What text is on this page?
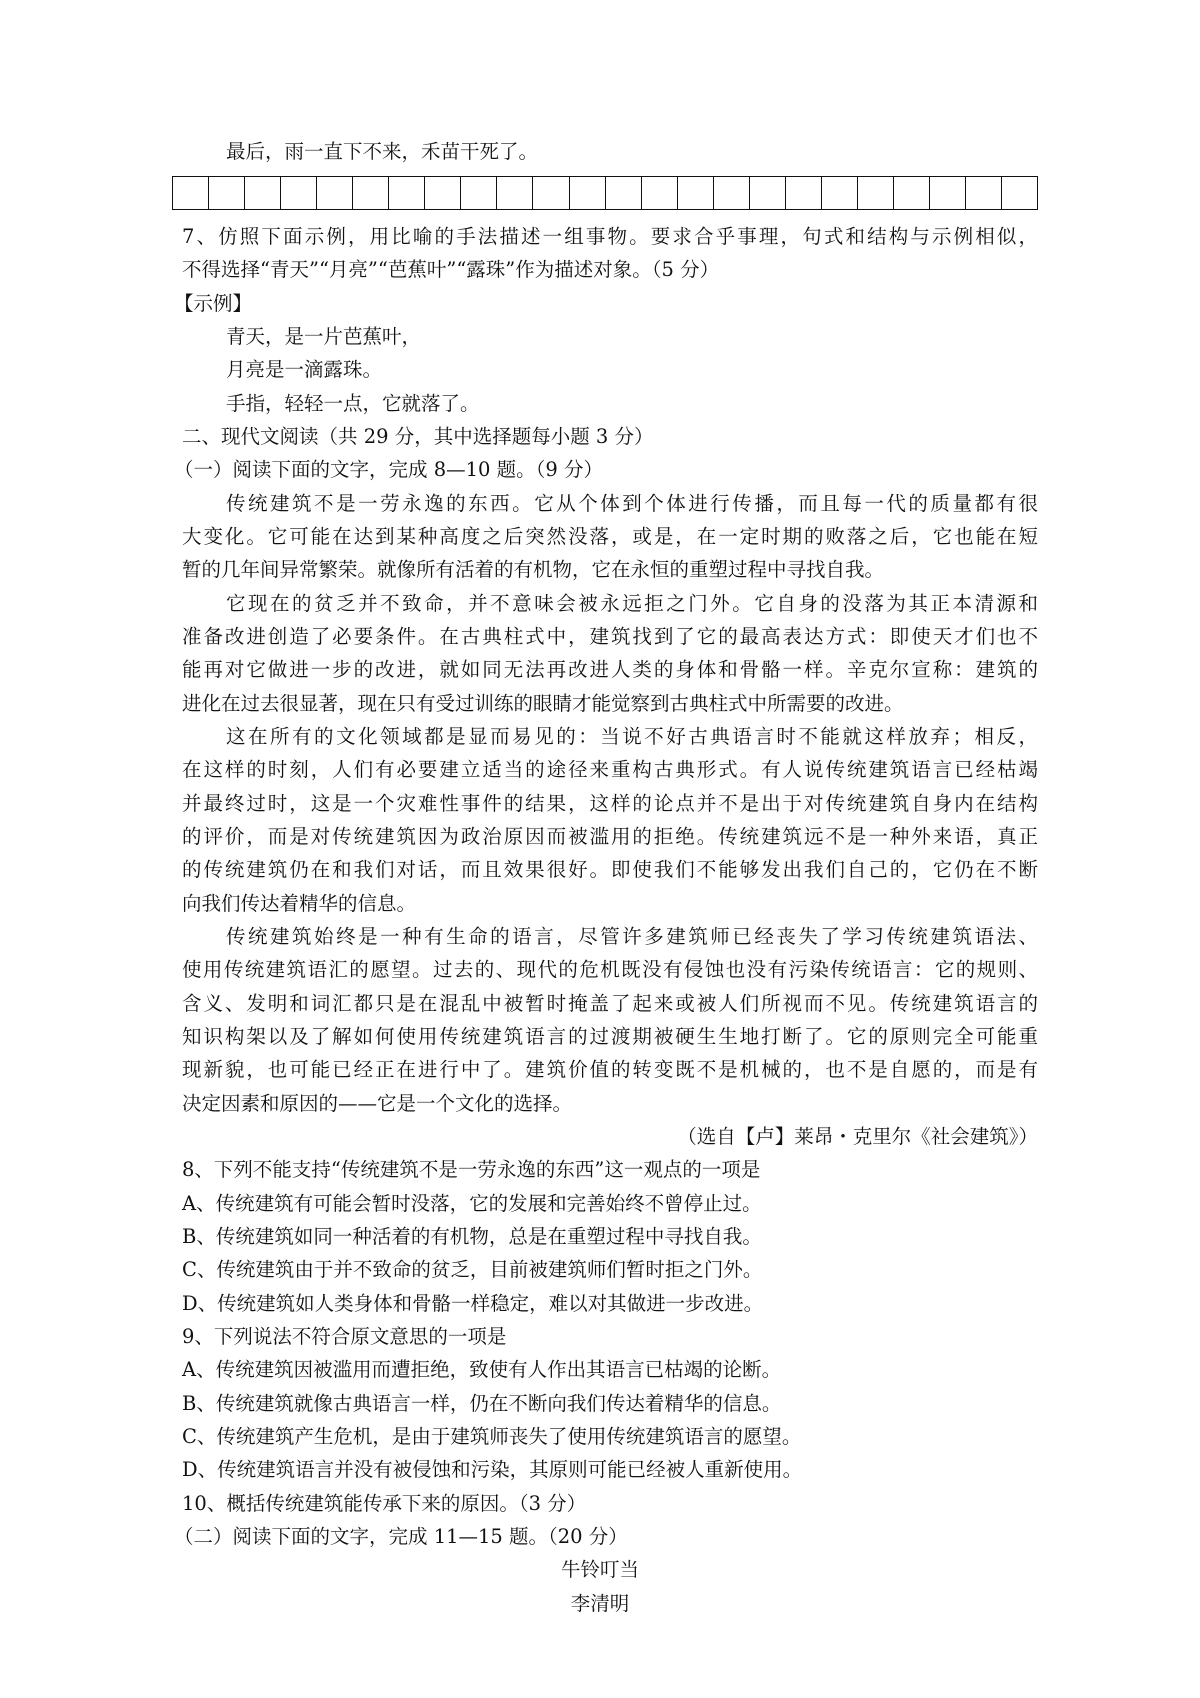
最后，雨一直下不来，禾苗干死了。
7、仿照下面示例，用比喻的手法描述一组事物。要求合乎事理，句式和结构与示例相似，
不得选择“青天”“月亮”“芭蕉叶”“露珠”作为描述对象。（5 分）
【示例】
青天，是一片芭蕉叶，
月亮是一滴露珠。
手指，轻轻一点，它就落了。
二、现代文阅读（共 29 分，其中选择题每小题 3 分）
（一）阅读下面的文字，完成 8—10 题。（9 分）
传统建筑不是一劳永逸的东西。它从个体到个体进行传播，而且每一代的质量都有很
大变化。它可能在达到某种高度之后突然没落，或是，在一定时期的败落之后，它也能在短
暂的几年间异常繁荣。就像所有活着的有机物，它在永恒的重塑过程中寻找自我。
它现在的贫乏并不致命，并不意味会被永远拒之门外。它自身的没落为其正本清源和
准备改进创造了必要条件。在古典柱式中，建筑找到了它的最高表达方式：即使天才们也不
能再对它做进一步的改进，就如同无法再改进人类的身体和骨骼一样。辛克尔宣称：建筑的
进化在过去很显著，现在只有受过训练的眼睛才能觉察到古典柱式中所需要的改进。
这在所有的文化领域都是显而易见的：当说不好古典语言时不能就这样放弃；相反，
在这样的时刻，人们有必要建立适当的途径来重构古典形式。有人说传统建筑语言已经枯竭
并最终过时，这是一个灾难性事件的结果，这样的论点并不是出于对传统建筑自身内在结构
的评价，而是对传统建筑因为政治原因而被滥用的拒绝。传统建筑远不是一种外来语，真正
的传统建筑仍在和我们对话，而且效果很好。即使我们不能够发出我们自己的，它仍在不断
向我们传达着精华的信息。
传统建筑始终是一种有生命的语言，尽管许多建筑师已经丧失了学习传统建筑语法、
使用传统建筑语汇的愿望。过去的、现代的危机既没有侵蚀也没有污染传统语言：它的规则、
含义、发明和词汇都只是在混乱中被暂时掩盖了起来或被人们所视而不见。传统建筑语言的
知识构架以及了解如何使用传统建筑语言的过渡期被硬生生地打断了。它的原则完全可能重
现新貌，也可能已经正在进行中了。建筑价值的转变既不是机械的，也不是自愿的，而是有
决定因素和原因的——它是一个文化的选择。
（选自【卢】莱昂・克里尔《社会建筑》）
8、下列不能支持“传统建筑不是一劳永逸的东西”这一观点的一项是
A、传统建筑有可能会暂时没落，它的发展和完善始终不曾停止过。
B、传统建筑如同一种活着的有机物，总是在重塑过程中寻找自我。
C、传统建筑由于并不致命的贫乏，目前被建筑师们暂时拒之门外。
D、传统建筑如人类身体和骨骼一样稳定，难以对其做进一步改进。
9、下列说法不符合原文意思的一项是
A、传统建筑因被滥用而遭拒绝，致使有人作出其语言已枯竭的论断。
B、传统建筑就像古典语言一样，仍在不断向我们传达着精华的信息。
C、传统建筑产生危机，是由于建筑师丧失了使用传统建筑语言的愿望。
D、传统建筑语言并没有被侵蚀和污染，其原则可能已经被人重新使用。
10、概括传统建筑能传承下来的原因。（3 分）
（二）阅读下面的文字，完成 11—15 题。（20 分）
牛铃叮当
李清明
